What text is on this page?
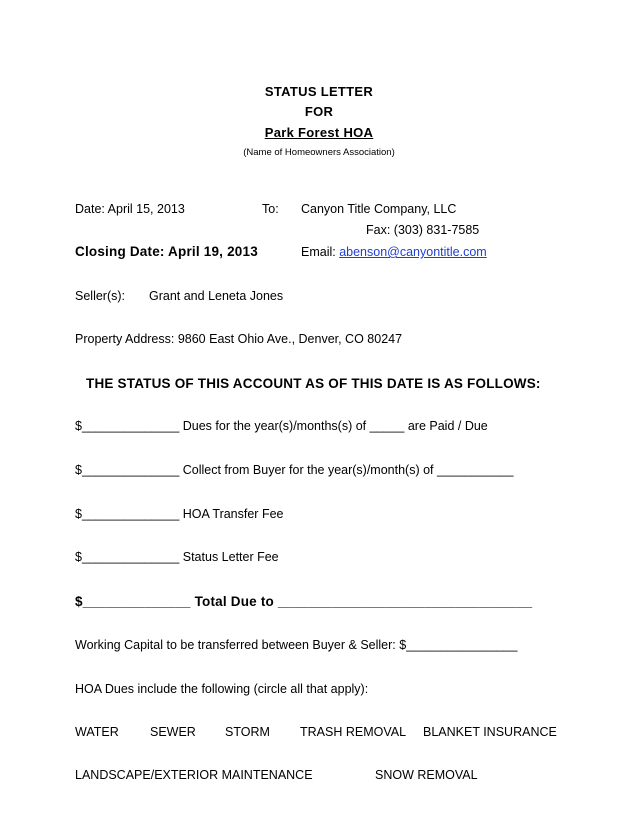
STATUS LETTER
FOR
Park Forest HOA
(Name of Homeowners Association)
Date: April 15, 2013	To: Canyon Title Company, LLC
Fax: (303) 831-7585
Closing Date: April 19, 2013	Email: abenson@canyontitle.com
Seller(s): Grant and Leneta Jones
Property Address: 9860 East Ohio Ave., Denver, CO 80247
THE STATUS OF THIS ACCOUNT AS OF THIS DATE IS AS FOLLOWS:
$______________ Dues for the year(s)/months(s) of _____ are Paid / Due
$______________ Collect from Buyer for the year(s)/month(s) of ___________
$______________ HOA Transfer Fee
$______________ Status Letter Fee
$______________ Total Due to _________________________________
Working Capital to be transferred between Buyer & Seller: $________________
HOA Dues include the following (circle all that apply):
WATER	SEWER STORM TRASH REMOVAL BLANKET INSURANCE
LANDSCAPE/EXTERIOR MAINTENANCE	SNOW REMOVAL
